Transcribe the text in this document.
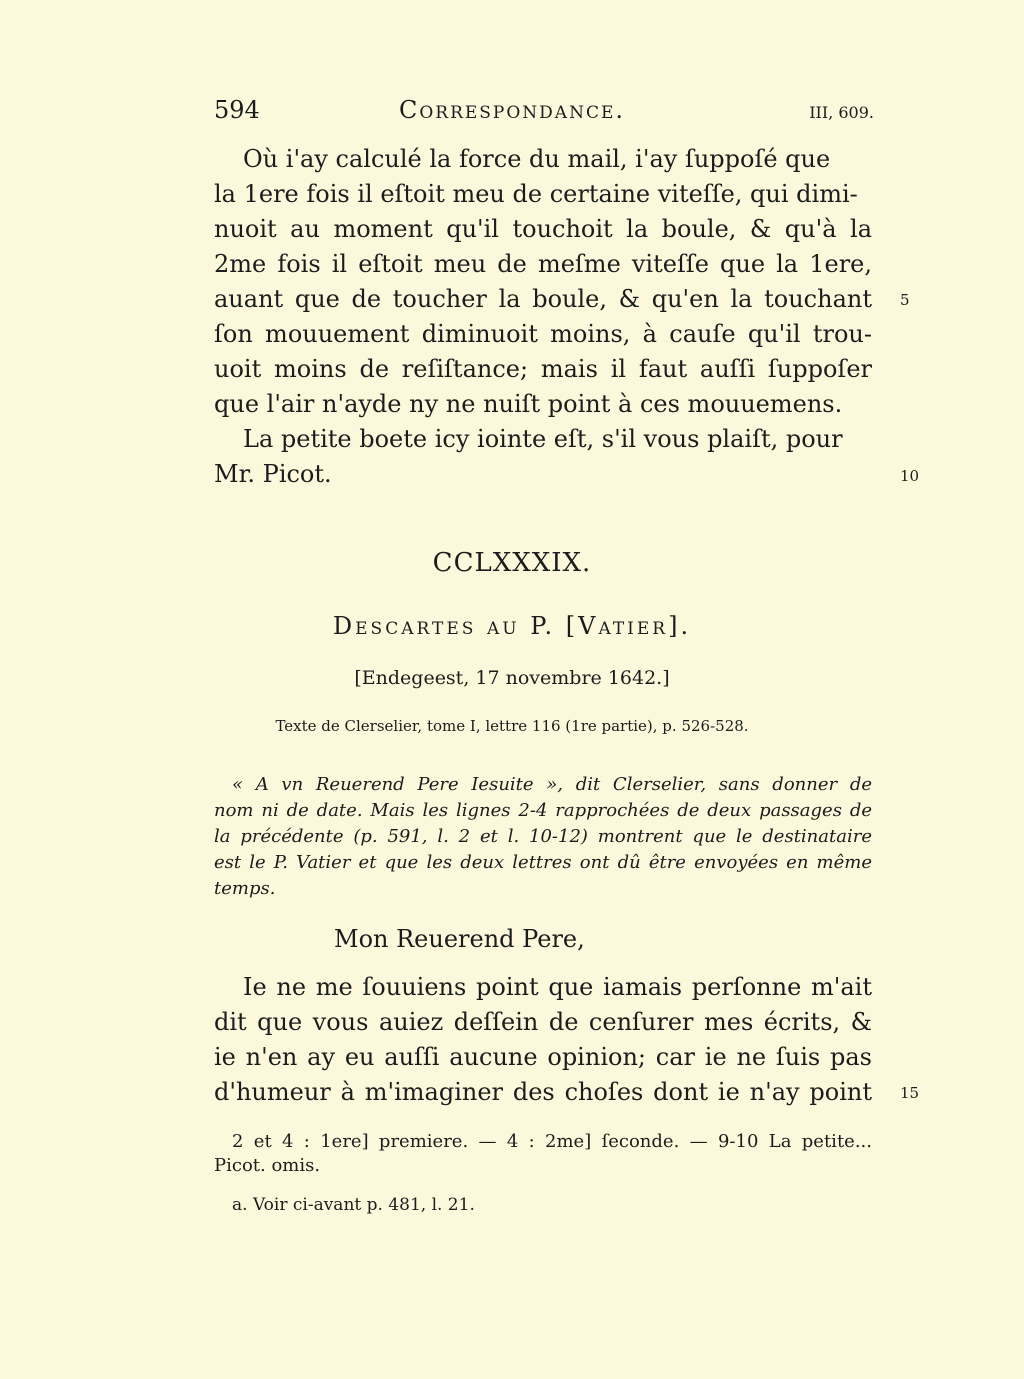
594	Correspondance.	III, 609.
Où i'ay calculé la force du mail, i'ay ſuppoſé que
la 1ere fois il eſtoit meu de certaine viteſſe, qui dimi-
nuoit au moment qu'il touchoit la boule, & qu'à la
2me fois il eſtoit meu de meſme viteſſe que la 1ere,
auant que de toucher la boule, & qu'en la touchant 5
ſon mouuement diminuoit moins, à cauſe qu'il trou-
uoit moins de reſiſtance; mais il faut auſſi ſuppoſer
que l'air n'ayde ny ne nuiſt point à ces mouuemens.
La petite boete icy iointe eſt, s'il vous plaiſt, pour
Mr. Picot.	10
CCLXXXIX.
Descartes au P. [Vatier].
[Endegeest, 17 novembre 1642.]
Texte de Clerselier, tome I, lettre 116 (1re partie), p. 526-528.
« A vn Reuerend Pere Iesuite », dit Clerselier, sans donner de
nom ni de date. Mais les lignes 2-4 rapprochées de deux passages de
la précédente (p. 591, l. 2 et l. 10-12) montrent que le destinataire
est le P. Vatier et que les deux lettres ont dû être envoyées en même
temps.
Mon Reuerend Pere,
Ie ne me ſouuiens point que iamais perſonne m'ait
dit que vous auiez deſſein de cenſurer mes écrits, &
ie n'en ay eu auſſi aucune opinion; car ie ne ſuis pas
d'humeur à m'imaginer des choſes dont ie n'ay point 15
2 et 4 : 1ere] premiere. — 4 : 2me] ſeconde. — 9-10 La petite...
Picot. omis.
a. Voir ci-avant p. 481, l. 21.
